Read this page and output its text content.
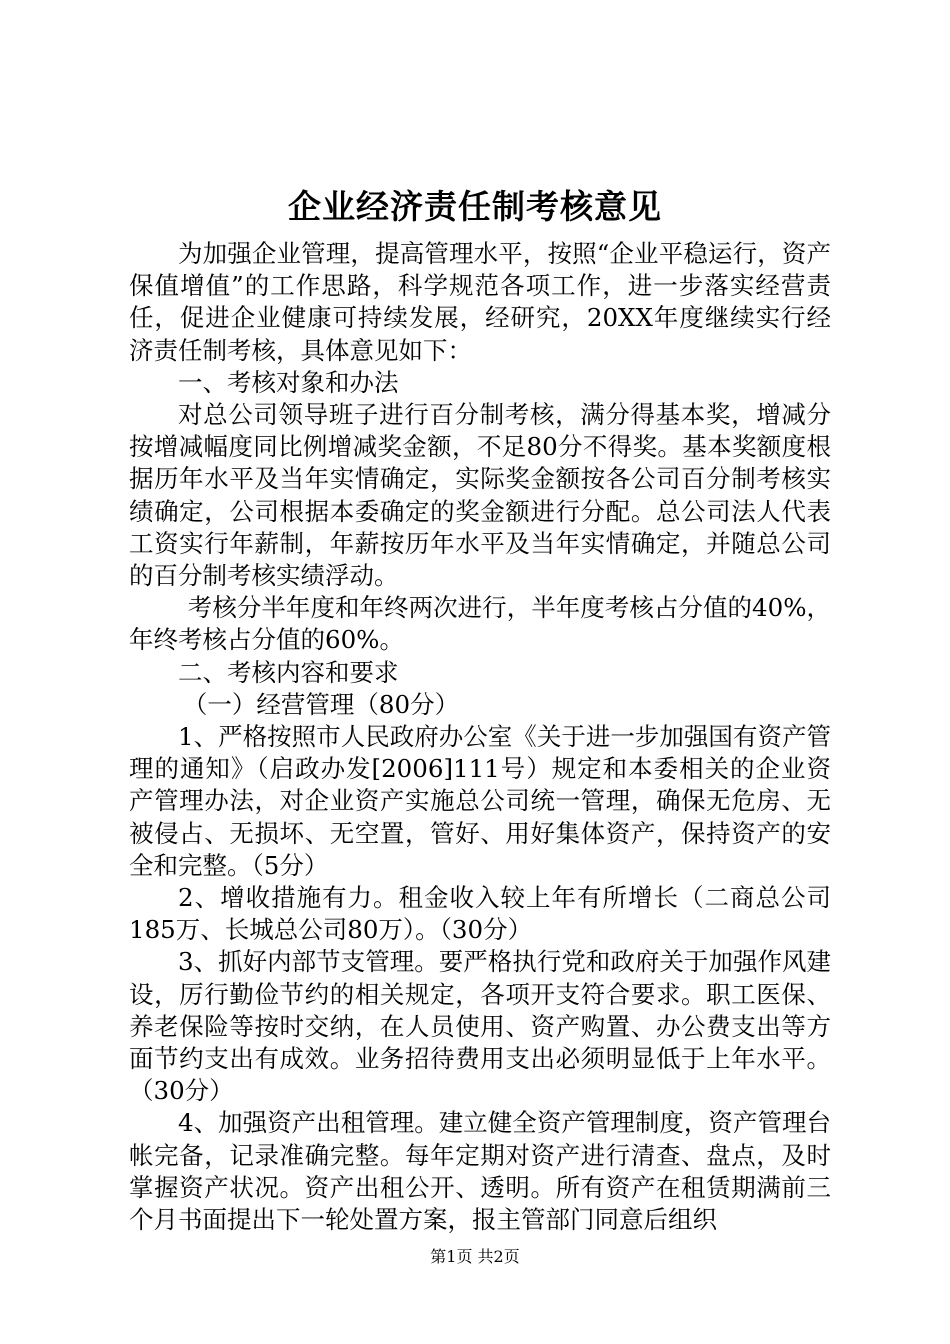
企业经济责任制考核意见

为加强企业管理，提高管理水平，按照“企业平稳运行，资产保值增值”的工作思路，科学规范各项工作，进一步落实经营责任，促进企业健康可持续发展，经研究，20XX年度继续实行经济责任制考核，具体意见如下：

一、考核对象和办法

对总公司领导班子进行百分制考核，满分得基本奖，增减分按增减幅度同比例增减奖金额，不足80分不得奖。基本奖额度根据历年水平及当年实情确定，实际奖金额按各公司百分制考核实绩确定，公司根据本委确定的奖金额进行分配。总公司法人代表工资实行年薪制，年薪按历年水平及当年实情确定，并随总公司的百分制考核实绩浮动。

考核分半年度和年终两次进行，半年度考核占分值的40%，年终考核占分值的60%。

二、考核内容和要求

（一）经营管理（80分）

1、严格按照市人民政府办公室《关于进一步加强国有资产管理的通知》（启政办发[2006]111号）规定和本委相关的企业资产管理办法，对企业资产实施总公司统一管理，确保无危房、无被侵占、无损坏、无空置，管好、用好集体资产，保持资产的安全和完整。（5分）

2、增收措施有力。租金收入较上年有所增长（二商总公司185万、长城总公司80万）。（30分）

3、抓好内部节支管理。要严格执行党和政府关于加强作风建设，厉行勤俭节约的相关规定，各项开支符合要求。职工医保、养老保险等按时交纳，在人员使用、资产购置、办公费支出等方面节约支出有成效。业务招待费用支出必须明显低于上年水平。（30分）

4、加强资产出租管理。建立健全资产管理制度，资产管理台帐完备，记录准确完整。每年定期对资产进行清查、盘点，及时掌握资产状况。资产出租公开、透明。所有资产在租赁期满前三个月书面提出下一轮处置方案，报主管部门同意后组织

第1页 共2页
